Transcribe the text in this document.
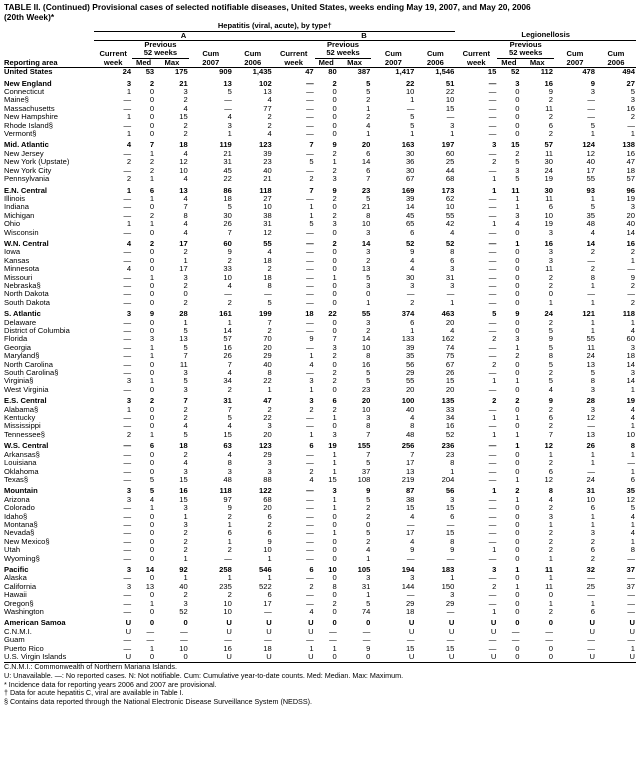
TABLE II. (Continued) Provisional cases of selected notifiable diseases, United States, weeks ending May 19, 2007, and May 20, 2006
(20th Week)*
	Hepatitis (viral, acute), by type†														
	A					B					Legionellosis				
		Previous					Previous					Previous			
	Current	52 weeks		Cum	Cum	Current	52 weeks		Cum	Cum	Current	52 weeks		Cum	Cum
Reporting area	week	Med	Max	2007	2006	week	Med	Max	2007	2006	week	Med	Max	2007	2006
United States	24	53	175	909	1,435	47	80	387	1,417	1,546	15	52	112	478	494
New England	3	2	21	13	102	—	2	5	22	51	—	3	16	9	27
Connecticut	1	0	3	5	13	—	0	5	10	22	—	0	9	3	5
Maine§	—	0	2	—	4	—	0	2	1	10	—	0	2	—	3
Massachusetts	—	0	4	—	77	—	0	1	—	15	—	0	11	—	16
New Hampshire	1	0	15	4	2	—	0	2	5	—	—	0	2	—	2
Rhode Island§	—	0	2	3	2	—	0	4	5	3	—	0	6	5	—
Vermont§	1	0	2	1	4	—	0	1	1	1	—	0	2	1	1
Mid. Atlantic	4	7	18	119	123	7	9	20	163	197	3	15	57	124	138
New Jersey	—	1	4	21	39	—	2	6	30	60	—	2	11	12	16
New York (Upstate)	2	2	12	31	23	5	1	14	36	25	2	5	30	40	47
New York City	—	2	10	45	40	—	2	6	30	44	—	3	24	17	18
Pennsylvania	2	1	4	22	21	2	3	7	67	68	1	5	19	55	57
E.N. Central	1	6	13	86	118	7	9	23	169	173	1	11	30	93	96
Illinois	—	1	4	18	27	—	2	5	39	62	—	1	11	1	19
Indiana	—	0	7	5	10	1	0	21	14	10	—	1	6	5	3
Michigan	—	2	8	30	38	1	2	8	45	55	—	3	10	35	20
Ohio	1	1	4	26	31	5	3	10	65	42	1	4	19	48	40
Wisconsin	—	0	4	7	12	—	0	3	6	4	—	0	3	4	14
W.N. Central	4	2	17	60	55	—	2	14	52	52	—	1	16	14	16
Iowa	—	0	2	9	4	—	0	3	9	8	—	0	3	2	2
Kansas	—	0	1	2	18	—	0	2	4	6	—	0	3	—	1
Minnesota	4	0	17	33	2	—	0	13	4	3	—	0	11	2	—
Missouri	—	1	3	10	18	—	1	5	30	31	—	0	2	8	9
Nebraska§	—	0	2	4	8	—	0	3	3	3	—	0	2	1	2
North Dakota	—	0	0	—	—	—	0	0	—	—	—	0	0	—	—
South Dakota	—	0	2	2	5	—	0	1	2	1	—	0	1	1	2
S. Atlantic	3	9	28	161	199	18	22	55	374	463	5	9	24	121	118
Delaware	—	0	1	1	7	—	0	3	6	20	—	0	2	1	1
District of Columbia	—	0	5	14	2	—	0	2	1	4	—	0	5	1	4
Florida	—	3	13	57	70	9	7	14	133	162	2	3	9	55	60
Georgia	—	1	5	16	20	—	3	10	39	74	—	1	5	11	3
Maryland§	—	1	7	26	29	1	2	8	35	75	—	2	8	24	18
North Carolina	—	0	11	7	40	4	0	16	56	67	2	0	5	13	14
South Carolina§	—	0	3	4	8	—	2	5	29	26	—	0	2	5	3
Virginia§	3	1	5	34	22	3	2	5	55	15	1	1	5	8	14
West Virginia	—	0	3	2	1	1	0	23	20	20	—	0	4	3	1
E.S. Central	3	2	7	31	47	3	6	20	100	135	2	2	9	28	19
Alabama§	1	0	2	7	2	2	2	10	40	33	—	0	2	3	4
Kentucky	—	0	2	5	22	—	1	3	4	34	1	1	6	12	4
Mississippi	—	0	4	4	3	—	0	8	8	16	—	0	2	—	1
Tennessee§	2	1	5	15	20	1	3	7	48	52	1	1	7	13	10
W.S. Central	—	6	18	63	123	6	19	155	256	236	—	1	12	26	8
Arkansas§	—	0	2	4	29	—	1	7	7	23	—	0	1	1	1
Louisiana	—	0	4	8	3	—	1	5	17	8	—	0	2	1	—
Oklahoma	—	0	3	3	3	2	1	37	13	1	—	0	6	—	1
Texas§	—	5	15	48	88	4	15	108	219	204	—	1	12	24	6
Mountain	3	5	16	118	122	—	3	9	87	56	1	2	8	31	35
Arizona	3	4	15	97	68	—	1	5	38	3	—	1	4	10	12
Colorado	—	1	3	9	20	—	1	2	15	15	—	0	2	6	5
Idaho§	—	0	1	2	6	—	0	2	4	6	—	0	3	1	4
Montana§	—	0	3	1	2	—	0	0	—	—	—	0	1	1	1
Nevada§	—	0	2	6	6	—	1	5	17	15	—	0	2	3	4
New Mexico§	—	0	2	1	9	—	0	2	4	8	—	0	2	2	1
Utah	—	0	2	2	10	—	0	4	9	9	1	0	2	6	8
Wyoming§	—	0	1	—	1	—	0	1	—	—	—	0	1	2	—
Pacific	3	14	92	258	546	6	10	105	194	183	3	1	11	32	37
Alaska	—	0	1	1	1	—	0	3	3	1	—	0	1	—	—
California	3	13	40	235	522	2	8	31	144	150	2	1	11	25	37
Hawaii	—	0	2	2	6	—	0	1	—	3	—	0	0	—	—
Oregon§	—	1	3	10	17	—	2	5	29	29	—	0	1	1	—
Washington	—	0	52	10	—	4	0	74	18	—	1	0	2	6	—
American Samoa	U	0	0	U	U	U	0	0	U	U	U	0	0	U	U
C.N.M.I.	U	—	—	U	U	U	—	—	U	U	U	—	—	U	U
Guam	—	—	—	—	—	—	—	—	—	—	—	—	—	—	—
Puerto Rico	—	1	10	16	18	1	1	9	15	15	—	0	0	—	1
U.S. Virgin Islands	U	0	0	U	U	U	0	0	U	U	U	0	0	U	U
C.N.M.I.: Commonwealth of Northern Mariana Islands.
U: Unavailable. —: No reported cases. N: Not notifiable. Cum: Cumulative year-to-date counts. Med: Median. Max: Maximum.
* Incidence data for reporting years 2006 and 2007 are provisional.
† Data for acute hepatitis C, viral are available in Table I.
§ Contains data reported through the National Electronic Disease Surveillance System (NEDSS).
